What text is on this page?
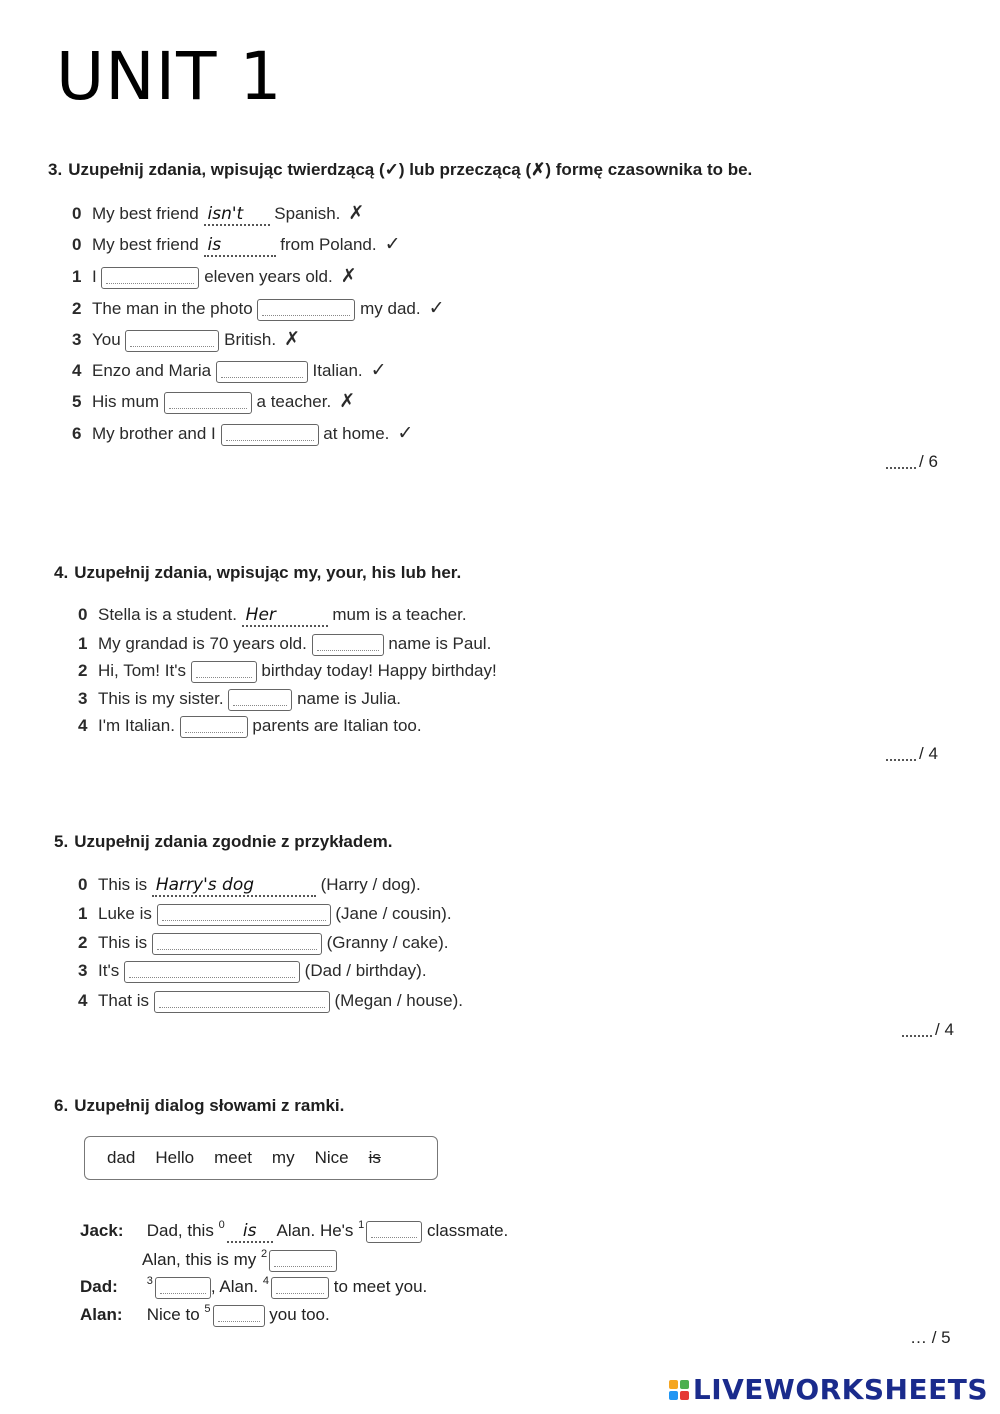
UNIT 1
3. Uzupełnij zdania, wpisując twierdzącą (✓) lub przeczącą (✗) formę czasownika to be.
0 My best friend isn't Spanish. ✗
0 My best friend is	from Poland. ✓
1 I	eleven years old. ✗
2 The man in the photo	my dad. ✓
3 You	British. ✗
4 Enzo and Maria	Italian. ✓
5 His mum	a teacher. ✗
6 My brother and I	at home. ✓
/ 6
4. Uzupełnij zdania, wpisując my, your, his lub her.
0 Stella is a student. Her	mum is a teacher.
1 My grandad is 70 years old.	name is Paul.
2 Hi, Tom! It's	birthday today! Happy birthday!
3 This is my sister.	name is Julia.
4 I'm Italian.	parents are Italian too.
/ 4
5. Uzupełnij zdania zgodnie z przykładem.
0 This is Harry's dog	(Harry / dog).
1 Luke is	(Jane / cousin).
2 This is	(Granny / cake).
3 It's	(Dad / birthday).
4 That is	(Megan / house).
/ 4
6. Uzupełnij dialog słowami z ramki.
dad Hello meet my Nice is
Jack: Dad, this $^0$ is Alan. He's $^1$	classmate.
Alan, this is my $^2$
Dad:	$^3$	, Alan. $^4$	to meet you.
Alan: Nice to $^5$	you too.
… / 5
LIVEWORKSHEETS
